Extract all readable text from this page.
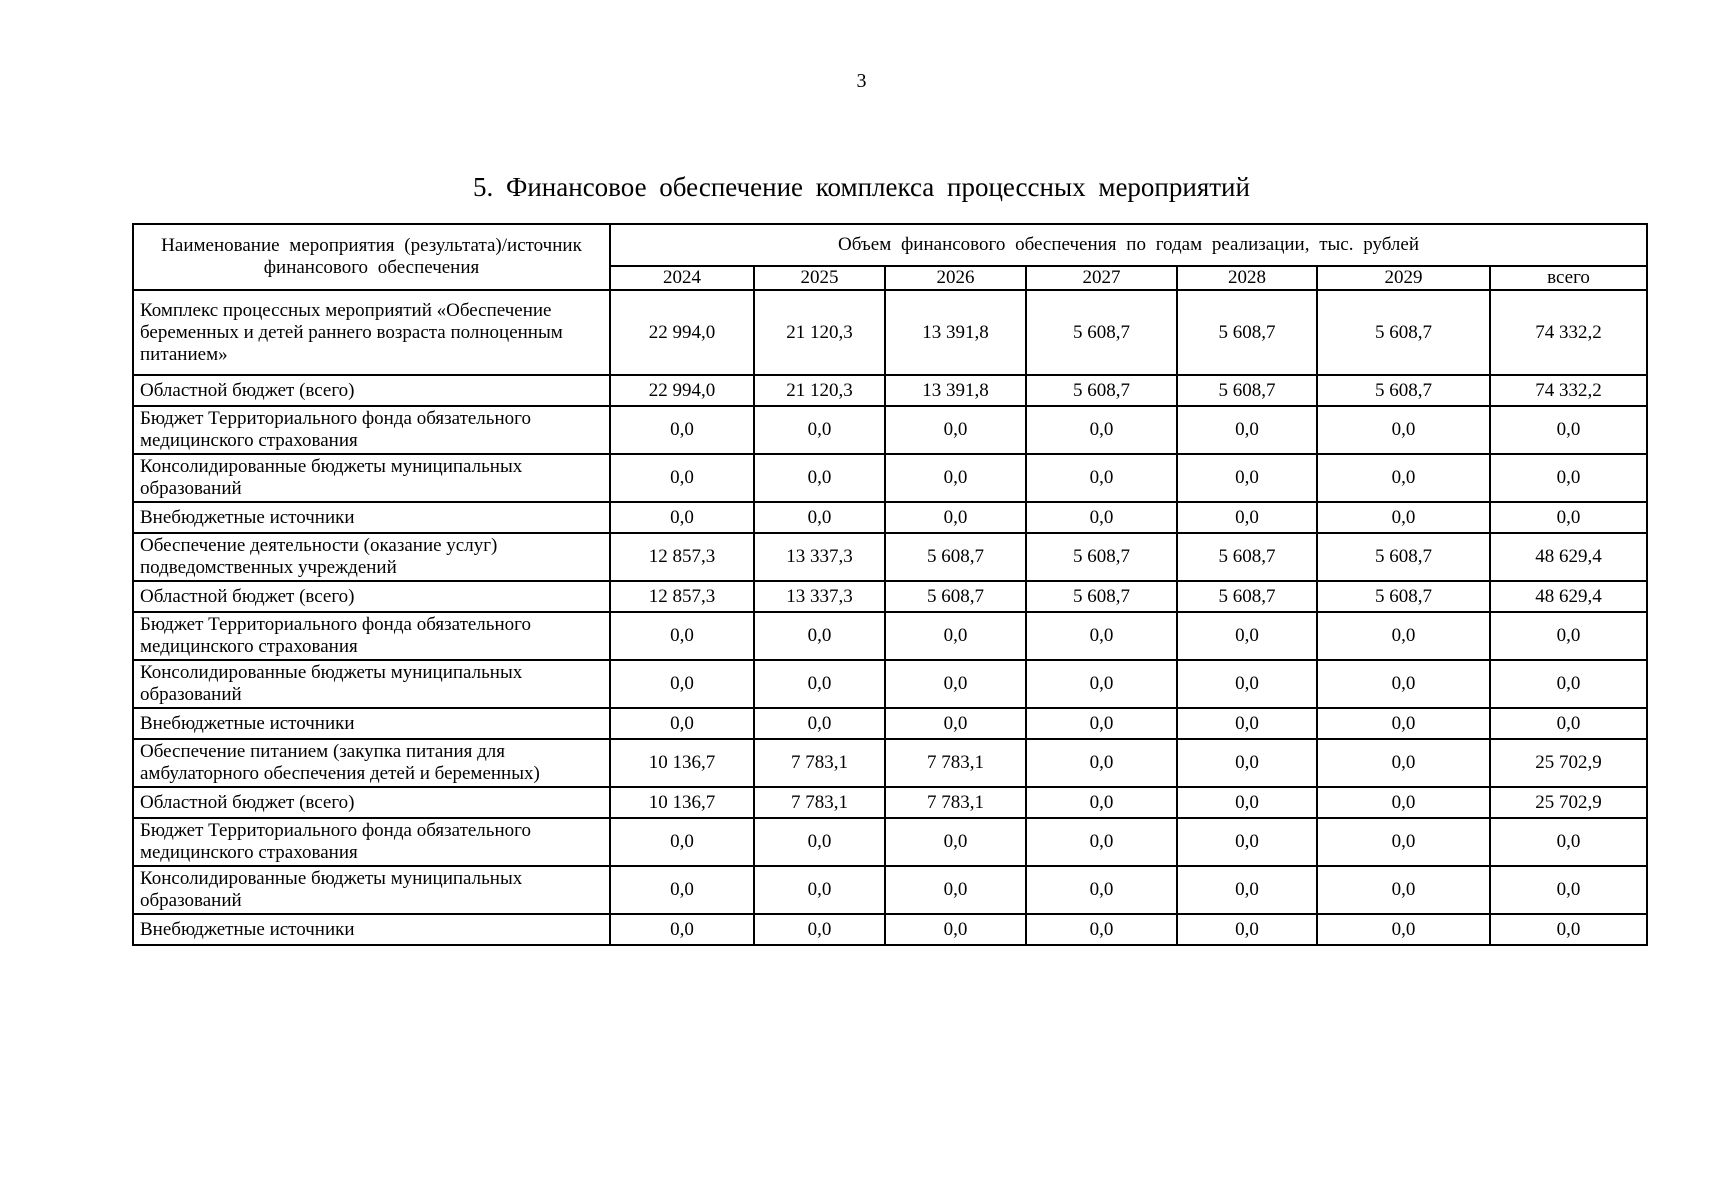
3
5. Финансовое обеспечение комплекса процессных мероприятий
Наименование мероприятия (результата)/источник финансового обеспечения	Объем финансового обеспечения по годам реализации, тыс. рублей						
	2024	2025	2026	2027	2028	2029	всего
Комплекс процессных мероприятий «Обеспечение беременных и детей раннего возраста полноценным питанием»	22 994,0	21 120,3	13 391,8	5 608,7	5 608,7	5 608,7	74 332,2
Областной бюджет (всего)	22 994,0	21 120,3	13 391,8	5 608,7	5 608,7	5 608,7	74 332,2
Бюджет Территориального фонда обязательного медицинского страхования	0,0	0,0	0,0	0,0	0,0	0,0	0,0
Консолидированные бюджеты муниципальных образований	0,0	0,0	0,0	0,0	0,0	0,0	0,0
Внебюджетные источники	0,0	0,0	0,0	0,0	0,0	0,0	0,0
Обеспечение деятельности (оказание услуг) подведомственных учреждений	12 857,3	13 337,3	5 608,7	5 608,7	5 608,7	5 608,7	48 629,4
Областной бюджет (всего)	12 857,3	13 337,3	5 608,7	5 608,7	5 608,7	5 608,7	48 629,4
Бюджет Территориального фонда обязательного медицинского страхования	0,0	0,0	0,0	0,0	0,0	0,0	0,0
Консолидированные бюджеты муниципальных образований	0,0	0,0	0,0	0,0	0,0	0,0	0,0
Внебюджетные источники	0,0	0,0	0,0	0,0	0,0	0,0	0,0
Обеспечение питанием (закупка питания для амбулаторного обеспечения детей и беременных)	10 136,7	7 783,1	7 783,1	0,0	0,0	0,0	25 702,9
Областной бюджет (всего)	10 136,7	7 783,1	7 783,1	0,0	0,0	0,0	25 702,9
Бюджет Территориального фонда обязательного медицинского страхования	0,0	0,0	0,0	0,0	0,0	0,0	0,0
Консолидированные бюджеты муниципальных образований	0,0	0,0	0,0	0,0	0,0	0,0	0,0
Внебюджетные источники	0,0	0,0	0,0	0,0	0,0	0,0	0,0
